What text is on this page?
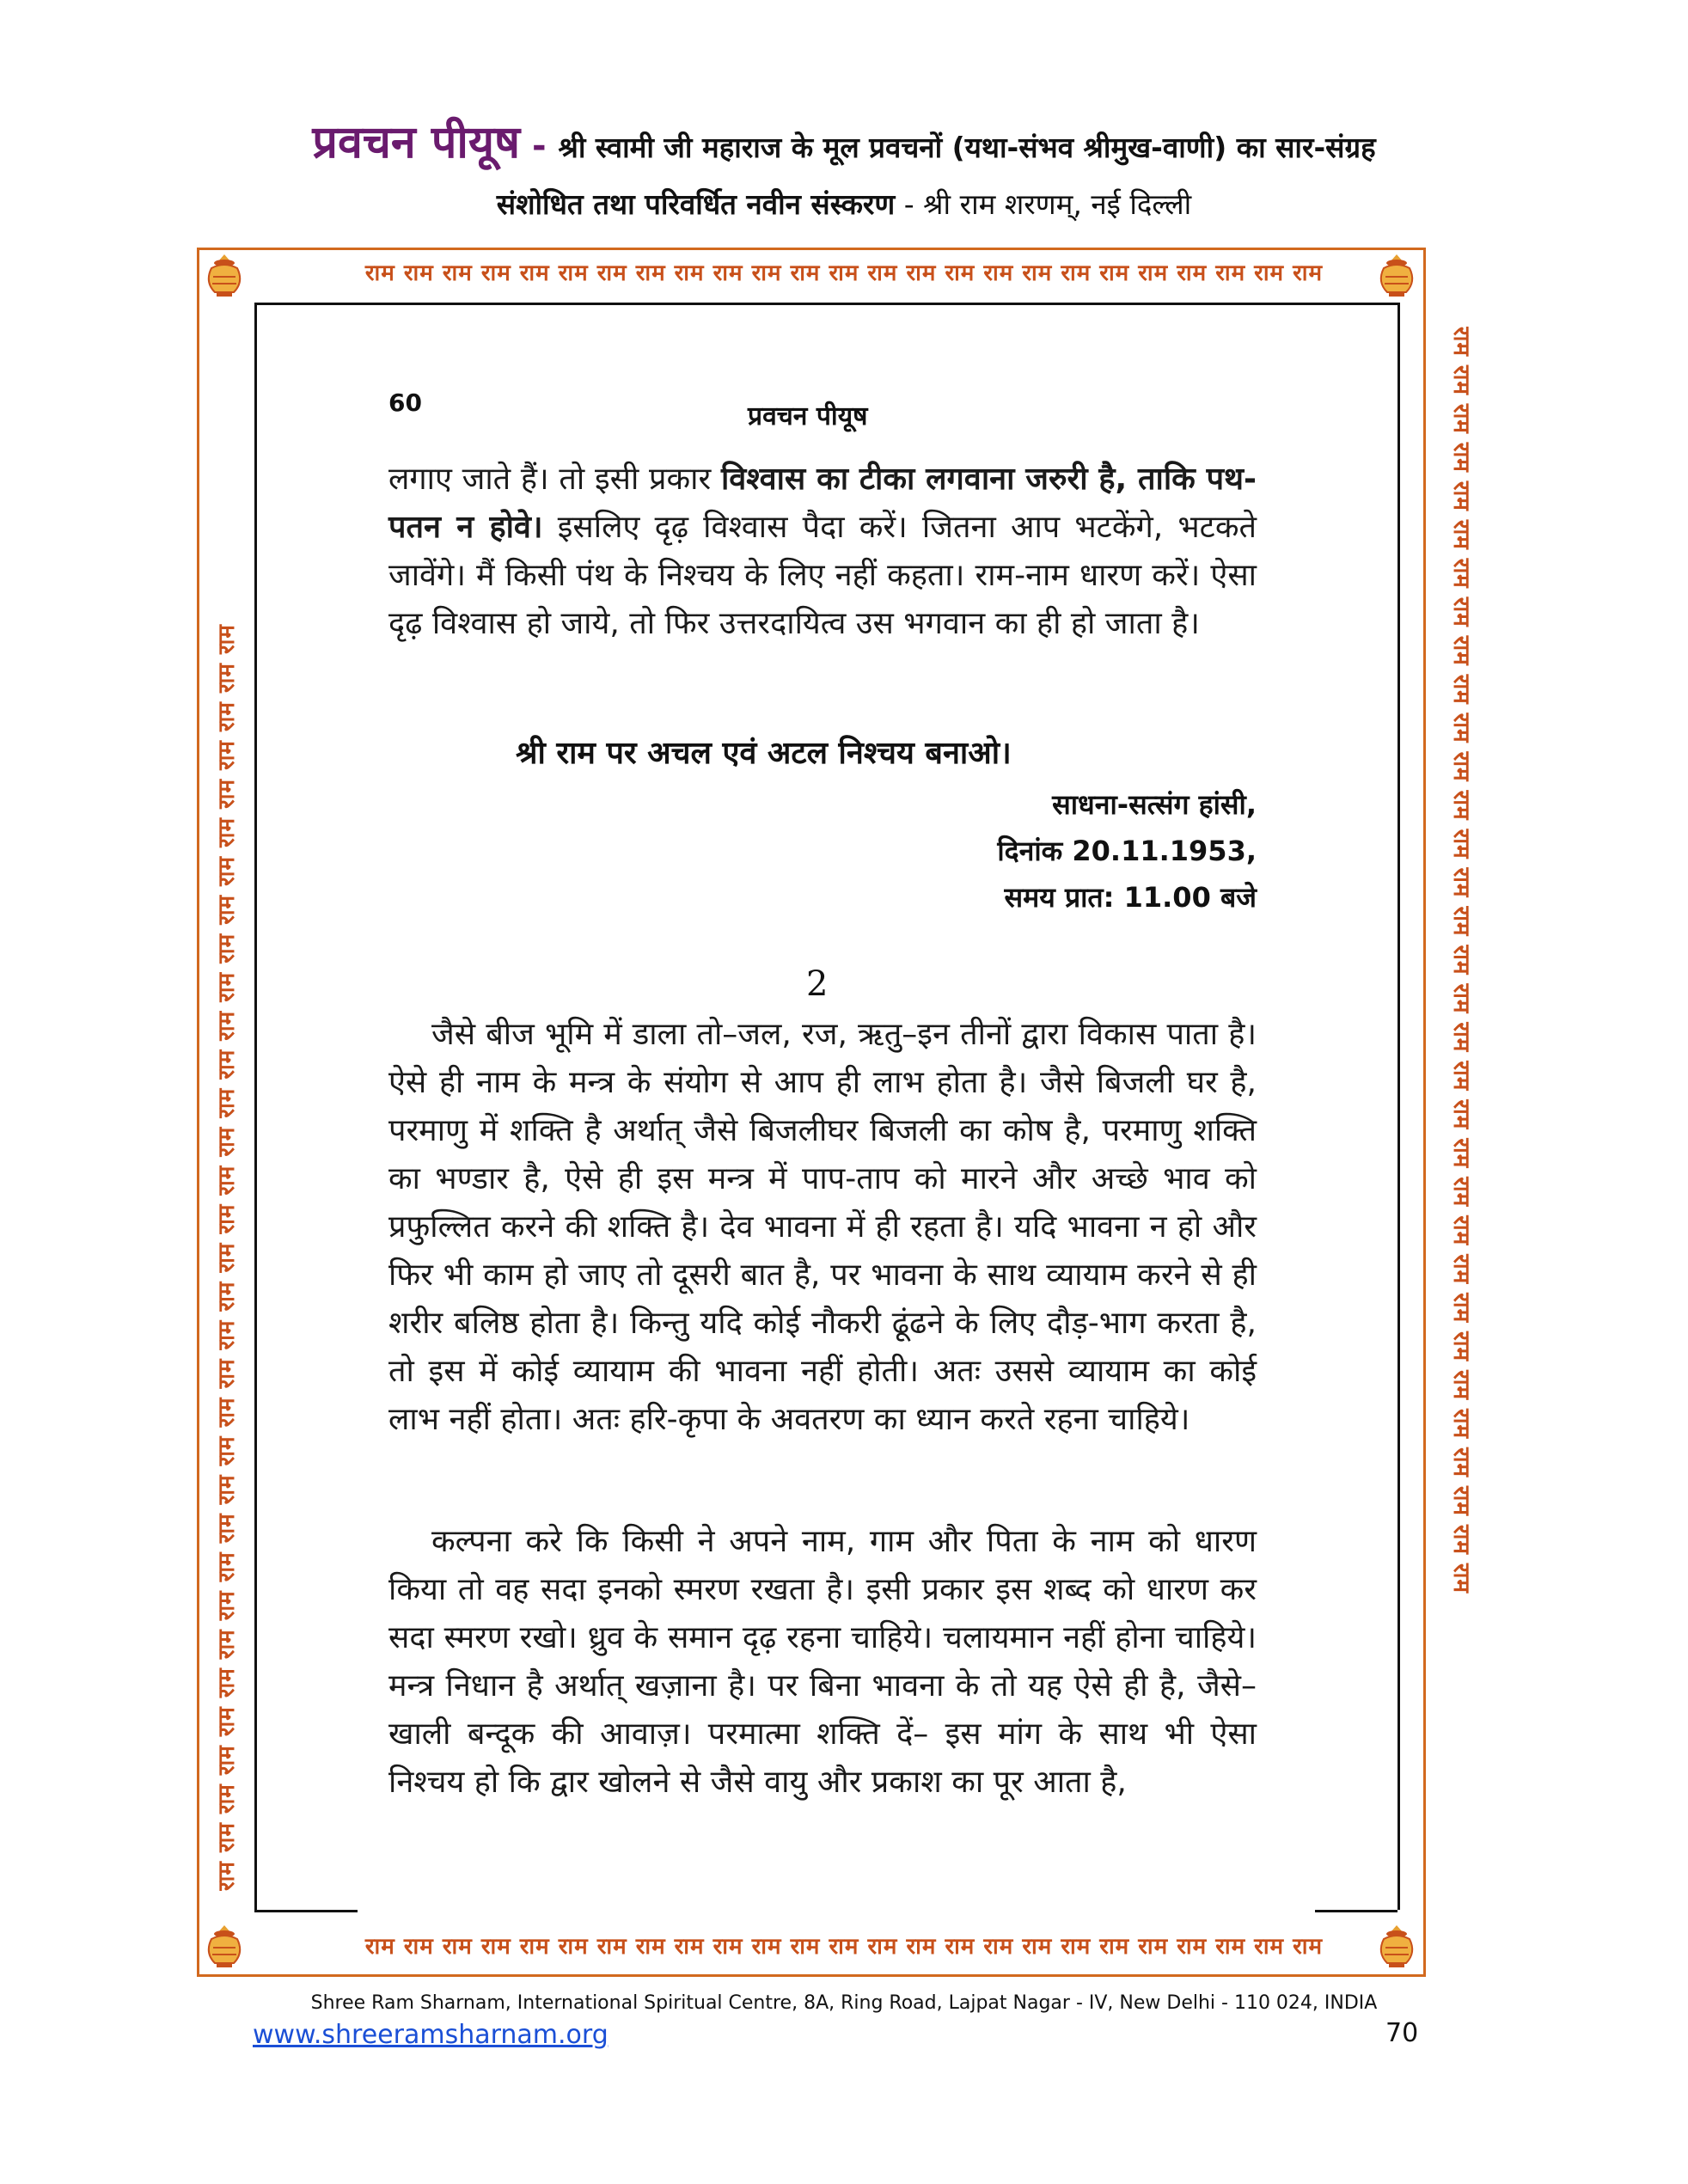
प्रवचन पीयूष - श्री स्वामी जी महाराज के मूल प्रवचनों (यथा-संभव श्रीमुख-वाणी) का सार-संग्रह
संशोधित तथा परिवर्धित नवीन संस्करण - श्री राम शरणम्, नई दिल्ली
राम राम राम राम राम राम राम राम राम राम राम राम राम राम राम राम राम राम राम राम राम राम राम राम राम
राम राम राम राम राम राम राम राम राम राम राम राम राम राम राम राम राम राम राम राम राम राम राम राम राम
राम राम राम राम राम राम राम राम राम राम राम राम राम राम राम राम राम राम राम राम राम राम राम राम राम राम राम राम राम राम राम राम राम	राम राम राम राम राम राम राम राम राम राम राम राम राम राम राम राम राम राम राम राम राम राम राम राम राम राम राम राम राम राम राम राम राम
60	प्रवचन पीयूष
लगाए जाते हैं। तो इसी प्रकार विश्वास का टीका लगवाना जरुरी है, ताकि पथ-पतन न होवे। इसलिए दृढ़ विश्वास पैदा करें। जितना आप भटकेंगे, भटकते जावेंगे। मैं किसी पंथ के निश्चय के लिए नहीं कहता। राम-नाम धारण करें। ऐसा दृढ़ विश्वास हो जाये, तो फिर उत्तरदायित्व उस भगवान का ही हो जाता है।
श्री राम पर अचल एवं अटल निश्चय बनाओ।
साधना-सत्संग हांसी,
दिनांक 20.11.1953,
समय प्रात: 11.00 बजे
2
जैसे बीज भूमि में डाला तो–जल, रज, ऋतु–इन तीनों द्वारा विकास पाता है। ऐसे ही नाम के मन्त्र के संयोग से आप ही लाभ होता है। जैसे बिजली घर है, परमाणु में शक्ति है अर्थात् जैसे बिजलीघर बिजली का कोष है, परमाणु शक्ति का भण्डार है, ऐसे ही इस मन्त्र में पाप-ताप को मारने और अच्छे भाव को प्रफुल्लित करने की शक्ति है। देव भावना में ही रहता है। यदि भावना न हो और फिर भी काम हो जाए तो दूसरी बात है, पर भावना के साथ व्यायाम करने से ही शरीर बलिष्ठ होता है। किन्तु यदि कोई नौकरी ढूंढने के लिए दौड़-भाग करता है, तो इस में कोई व्यायाम की भावना नहीं होती। अतः उससे व्यायाम का कोई लाभ नहीं होता। अतः हरि-कृपा के अवतरण का ध्यान करते रहना चाहिये।
कल्पना करे कि किसी ने अपने नाम, गाम और पिता के नाम को धारण किया तो वह सदा इनको स्मरण रखता है। इसी प्रकार इस शब्द को धारण कर सदा स्मरण रखो। ध्रुव के समान दृढ़ रहना चाहिये। चलायमान नहीं होना चाहिये। मन्त्र निधान है अर्थात् खज़ाना है। पर बिना भावना के तो यह ऐसे ही है, जैसे– खाली बन्दूक की आवाज़। परमात्मा शक्ति दें– इस मांग के साथ भी ऐसा निश्चय हो कि द्वार खोलने से जैसे वायु और प्रकाश का पूर आता है,
Shree Ram Sharnam, International Spiritual Centre, 8A, Ring Road, Lajpat Nagar - IV, New Delhi - 110 024, INDIA
www.shreeramsharnam.org	70
